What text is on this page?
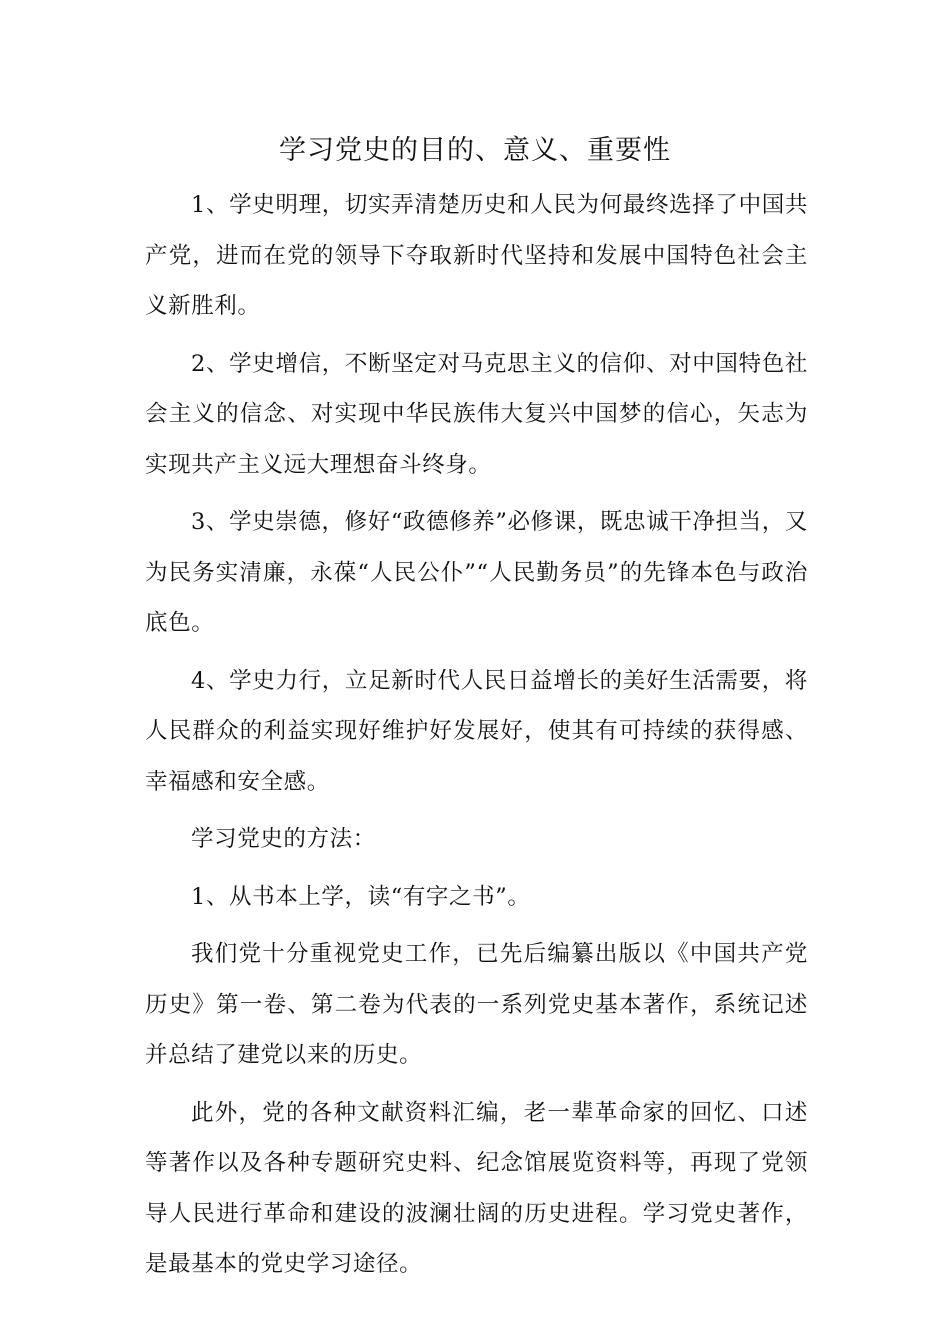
学习党史的目的、意义、重要性

1、学史明理，切实弄清楚历史和人民为何最终选择了中国共产党，进而在党的领导下夺取新时代坚持和发展中国特色社会主义新胜利。

2、学史增信，不断坚定对马克思主义的信仰、对中国特色社会主义的信念、对实现中华民族伟大复兴中国梦的信心，矢志为实现共产主义远大理想奋斗终身。

3、学史崇德，修好“政德修养”必修课，既忠诚干净担当，又为民务实清廉，永葆“人民公仆”“人民勤务员”的先锋本色与政治底色。

4、学史力行，立足新时代人民日益增长的美好生活需要，将人民群众的利益实现好维护好发展好，使其有可持续的获得感、幸福感和安全感。

学习党史的方法：

1、从书本上学，读“有字之书”。

我们党十分重视党史工作，已先后编纂出版以《中国共产党历史》第一卷、第二卷为代表的一系列党史基本著作，系统记述并总结了建党以来的历史。

此外，党的各种文献资料汇编，老一辈革命家的回忆、口述等著作以及各种专题研究史料、纪念馆展览资料等，再现了党领导人民进行革命和建设的波澜壮阔的历史进程。学习党史著作，是最基本的党史学习途径。
